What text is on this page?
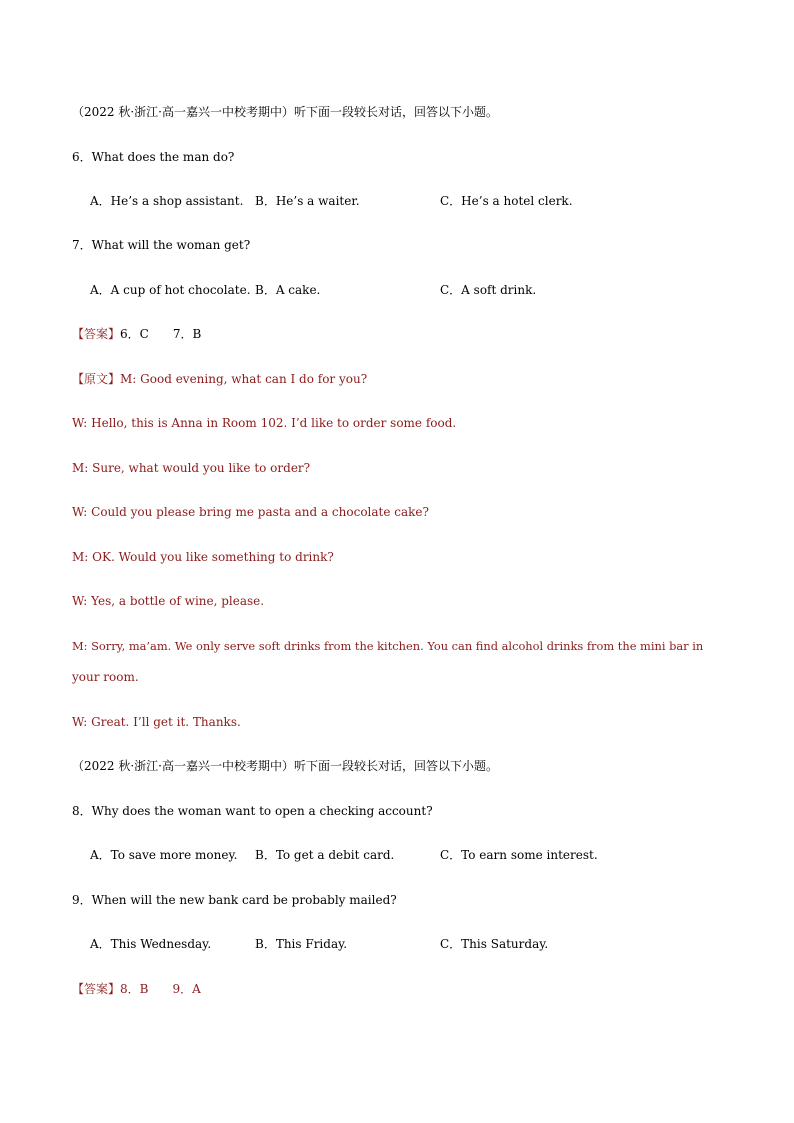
（2022 秋·浙江·高一嘉兴一中校考期中）听下面一段较长对话，回答以下小题。
6．What does the man do?
A．He’s a shop assistant. B．He’s a waiter.	C．He’s a hotel clerk.
7．What will the woman get?
A．A cup of hot chocolate. B．A cake.	C．A soft drink.
【答案】6．C　　7．B
【原文】M: Good evening, what can I do for you?
W: Hello, this is Anna in Room 102. I’d like to order some food.
M: Sure, what would you like to order?
W: Could you please bring me pasta and a chocolate cake?
M: OK. Would you like something to drink?
W: Yes, a bottle of wine, please.
M: Sorry, ma’am. We only serve soft drinks from the kitchen. You can find alcohol drinks from the mini bar in
your room.
W: Great. I’ll get it. Thanks.
（2022 秋·浙江·高一嘉兴一中校考期中）听下面一段较长对话，回答以下小题。
8．Why does the woman want to open a checking account?
A．To save more money. B．To get a debit card.	C．To earn some interest.
9．When will the new bank card be probably mailed?
A．This Wednesday.	B．This Friday.	C．This Saturday.
【答案】8．B　　9．A
